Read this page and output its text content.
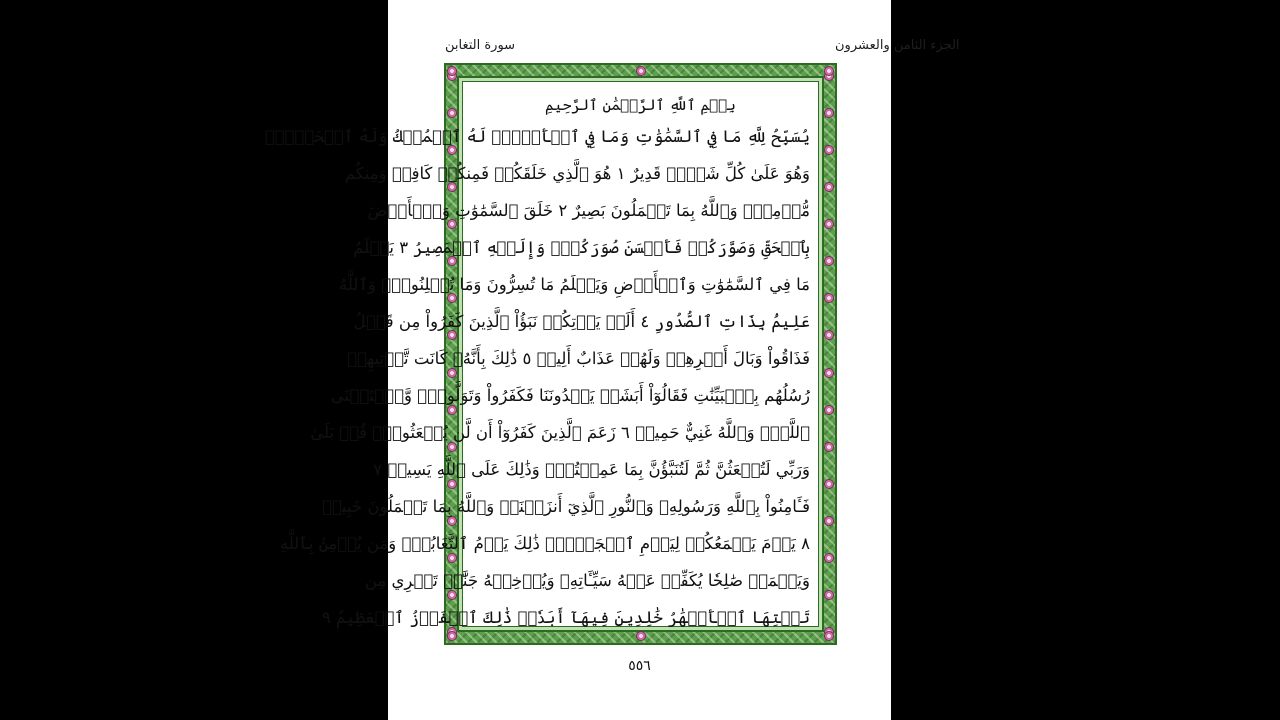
الجزء الثامن والعشرون
سورة التغابن
بِسۡمِ ٱللَّهِ ٱلرَّحۡمَٰنِ ٱلرَّحِيمِ
يُسَبِّحُ لِلَّهِ مَا فِي ٱلسَّمَٰوَٰتِ وَمَا فِي ٱلۡأَرۡضِۖ لَهُ ٱلۡمُلۡكُ وَلَهُ ٱلۡحَمۡدُۖ
وَهُوَ عَلَىٰ كُلِّ شَيۡءٖ قَدِيرٌ ١ هُوَ ٱلَّذِي خَلَقَكُمۡ فَمِنكُمۡ كَافِرٞ وَمِنكُم
مُّؤۡمِنٞۚ وَٱللَّهُ بِمَا تَعۡمَلُونَ بَصِيرٌ ٢ خَلَقَ ٱلسَّمَٰوَٰتِ وَٱلۡأَرۡضَ
بِٱلۡحَقِّ وَصَوَّرَكُمۡ فَأَحۡسَنَ صُوَرَكُمۡۖ وَإِلَيۡهِ ٱلۡمَصِيرُ ٣ يَعۡلَمُ
مَا فِي ٱلسَّمَٰوَٰتِ وَٱلۡأَرۡضِ وَيَعۡلَمُ مَا تُسِرُّونَ وَمَا تُعۡلِنُونَۚ وَٱللَّهُ
عَلِيمُۢ بِذَاتِ ٱلصُّدُورِ ٤ أَلَمۡ يَأۡتِكُمۡ نَبَؤُاْ ٱلَّذِينَ كَفَرُواْ مِن قَبۡلُ
فَذَاقُواْ وَبَالَ أَمۡرِهِمۡ وَلَهُمۡ عَذَابٌ أَلِيمٞ ٥ ذَٰلِكَ بِأَنَّهُۥ كَانَت تَّأۡتِيهِمۡ
رُسُلُهُم بِٱلۡبَيِّنَٰتِ فَقَالُوٓاْ أَبَشَرٞ يَهۡدُونَنَا فَكَفَرُواْ وَتَوَلَّواْۚ وَّٱسۡتَغۡنَى
ٱللَّهُۚ وَٱللَّهُ غَنِيٌّ حَمِيدٞ ٦ زَعَمَ ٱلَّذِينَ كَفَرُوٓاْ أَن لَّن يُبۡعَثُواْۚ قُلۡ بَلَىٰ
وَرَبِّي لَتُبۡعَثُنَّ ثُمَّ لَتُنَبَّؤُنَّ بِمَا عَمِلۡتُمۡۚ وَذَٰلِكَ عَلَى ٱللَّهِ يَسِيرٞ ٧
فَـَٔامِنُواْ بِٱللَّهِ وَرَسُولِهِۦ وَٱلنُّورِ ٱلَّذِيٓ أَنزَلۡنَاۚ وَٱللَّهُ بِمَا تَعۡمَلُونَ خَبِيرٞ
٨ يَوۡمَ يَجۡمَعُكُمۡ لِيَوۡمِ ٱلۡجَمۡعِۖ ذَٰلِكَ يَوۡمُ ٱلتَّغَابُنِۗ وَمَن يُؤۡمِنۢ بِٱللَّهِ
وَيَعۡمَلۡ صَٰلِحٗا يُكَفِّرۡ عَنۡهُ سَيِّـَٔاتِهِۦ وَيُدۡخِلۡهُ جَنَّٰتٖ تَجۡرِي مِن
تَحۡتِهَا ٱلۡأَنۡهَٰرُ خَٰلِدِينَ فِيهَآ أَبَدٗاۚ ذَٰلِكَ ٱلۡفَوۡزُ ٱلۡعَظِيمُ ٩
٥٥٦
